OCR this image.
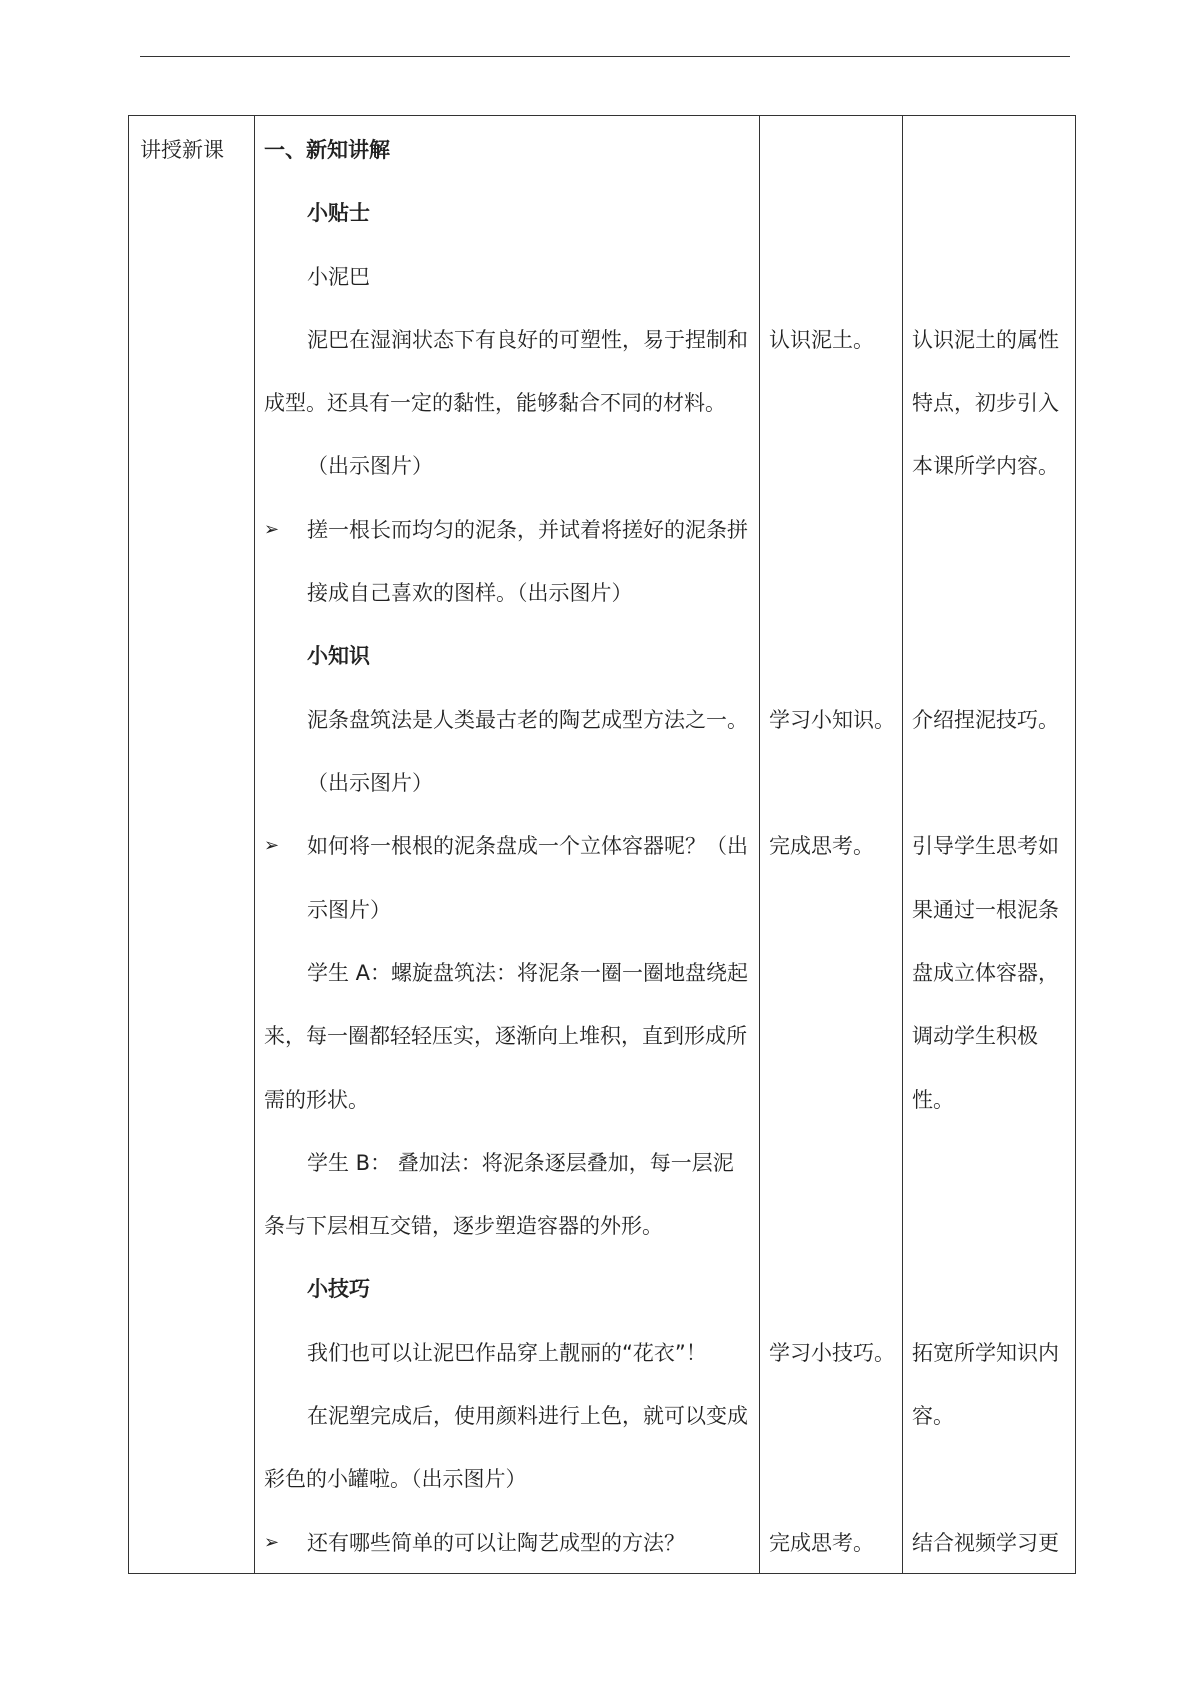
讲授新课 一、新知讲解
小贴士
小泥巴
泥巴在湿润状态下有良好的可塑性，易于捏制和
成型。还具有一定的黏性，能够黏合不同的材料。
（出示图片）
➢ 搓一根长而均匀的泥条，并试着将搓好的泥条拼
接成自己喜欢的图样。（出示图片）
小知识
泥条盘筑法是人类最古老的陶艺成型方法之一。
（出示图片）
➢ 如何将一根根的泥条盘成一个立体容器呢？（出
示图片）
学生 A：螺旋盘筑法：将泥条一圈一圈地盘绕起
来，每一圈都轻轻压实，逐渐向上堆积，直到形成所
需的形状。
学生 B： 叠加法：将泥条逐层叠加，每一层泥
条与下层相互交错，逐步塑造容器的外形。
小技巧
我们也可以让泥巴作品穿上靓丽的“花衣”！
在泥塑完成后，使用颜料进行上色，就可以变成
彩色的小罐啦。（出示图片）
➢ 还有哪些简单的可以让陶艺成型的方法？
认识泥土。
学习小知识。
完成思考。
学习小技巧。
完成思考。
认识泥土的属性
特点，初步引入
本课所学内容。
介绍捏泥技巧。
引导学生思考如
果通过一根泥条
盘成立体容器，
调动学生积极
性。
拓宽所学知识内
容。
结合视频学习更
